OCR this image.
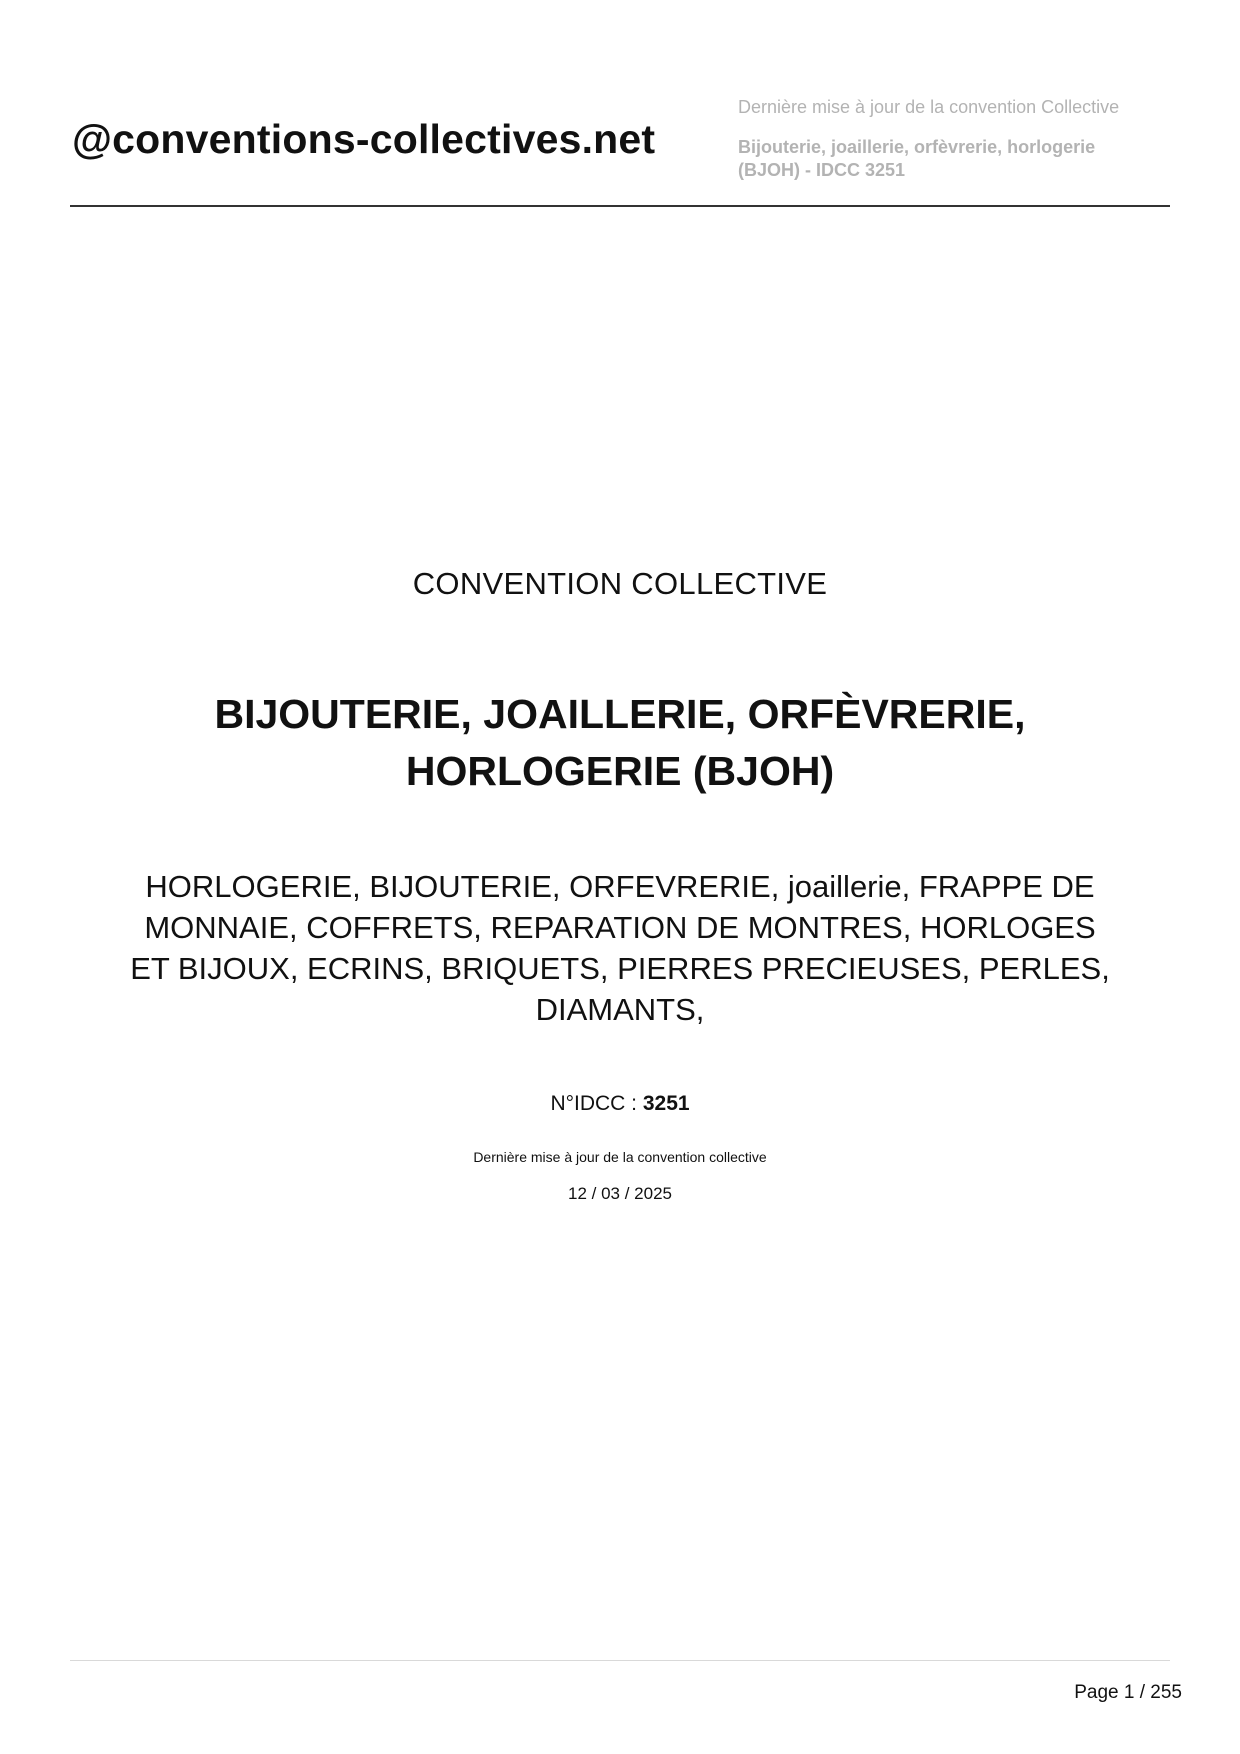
@conventions-collectives.net

Dernière mise à jour de la convention Collective

Bijouterie, joaillerie, orfèvrerie, horlogerie (BJOH) - IDCC 3251

CONVENTION COLLECTIVE
BIJOUTERIE, JOAILLERIE, ORFÈVRERIE,
HORLOGERIE (BJOH)
HORLOGERIE, BIJOUTERIE, ORFEVRERIE, joaillerie, FRAPPE DE
MONNAIE, COFFRETS, REPARATION DE MONTRES, HORLOGES
ET BIJOUX, ECRINS, BRIQUETS, PIERRES PRECIEUSES, PERLES,
DIAMANTS,
N°IDCC : 3251
Dernière mise à jour de la convention collective
12 / 03 / 2025
Page 1 / 255
